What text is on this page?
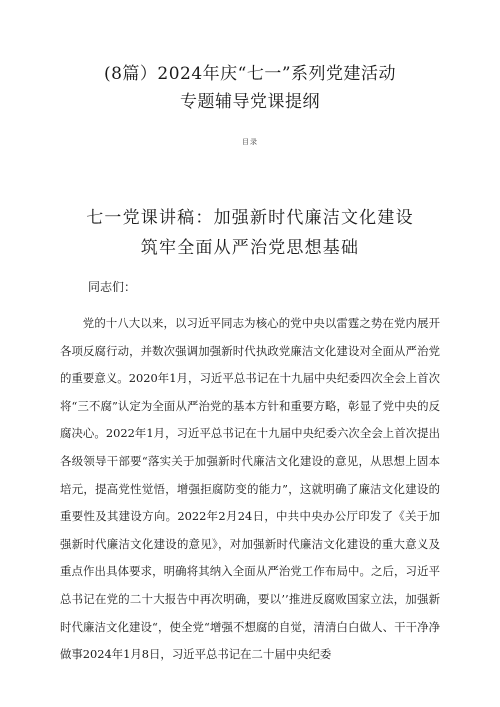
(8篇）2024年庆“七一”系列党建活动
专题辅导党课提纲
目录
七一党课讲稿：加强新时代廉洁文化建设
筑牢全面从严治党思想基础
同志们：

党的十八大以来，以习近平同志为核心的党中央以雷霆之势在党内展开各项反腐行动，并数次强调加强新时代执政党廉洁文化建设对全面从严治党的重要意义。2020年1月，习近平总书记在十九届中央纪委四次全会上首次将“三不腐”认定为全面从严治党的基本方针和重要方略，彰显了党中央的反腐决心。2022年1月，习近平总书记在十九届中央纪委六次全会上首次提出各级领导干部要“落实关于加强新时代廉洁文化建设的意见，从思想上固本培元，提高党性觉悟，增强拒腐防变的能力”，这就明确了廉洁文化建设的重要性及其建设方向。2022年2月24日，中共中央办公厅印发了《关于加强新时代廉洁文化建设的意见》，对加强新时代廉洁文化建设的重大意义及重点作出具体要求，明确将其纳入全面从严治党工作布局中。之后，习近平总书记在党的二十大报告中再次明确，要以’’推进反腐败国家立法，加强新时代廉洁文化建设“，使全党“增强不想腐的自觉，清清白白做人、干干净净做事2024年1月8日，习近平总书记在二十届中央纪委
